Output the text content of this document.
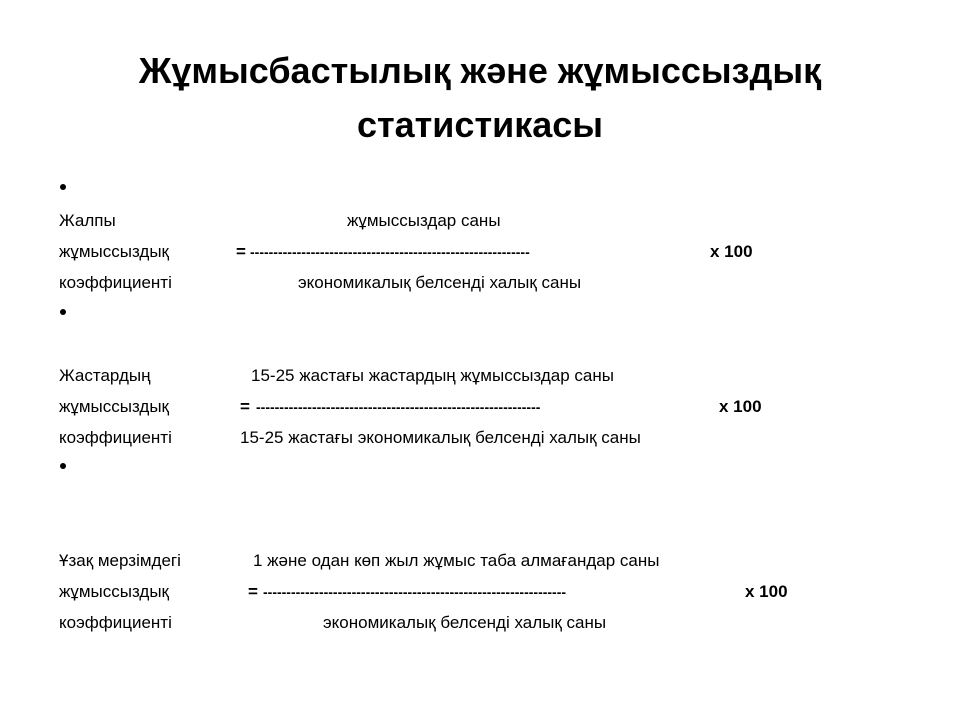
Жұмысбастылық және жұмыссыздық
статистикасы
Жалпы	жұмыссыздар саны
жұмыссыздық	= ------------------------------------------------------------	х 100
коэффициенті	экономикалық белсенді халық саны
Жастардың	15-25 жастағы жастардың жұмыссыздар саны
жұмыссыздық	= -------------------------------------------------------------	х 100
коэффициенті	15-25 жастағы экономикалық белсенді халық саны
Ұзақ мерзімдегі	1 және одан көп жыл жұмыс таба алмағандар саны
жұмыссыздық	= -----------------------------------------------------------------	х 100
коэффициенті	экономикалық белсенді халық саны
